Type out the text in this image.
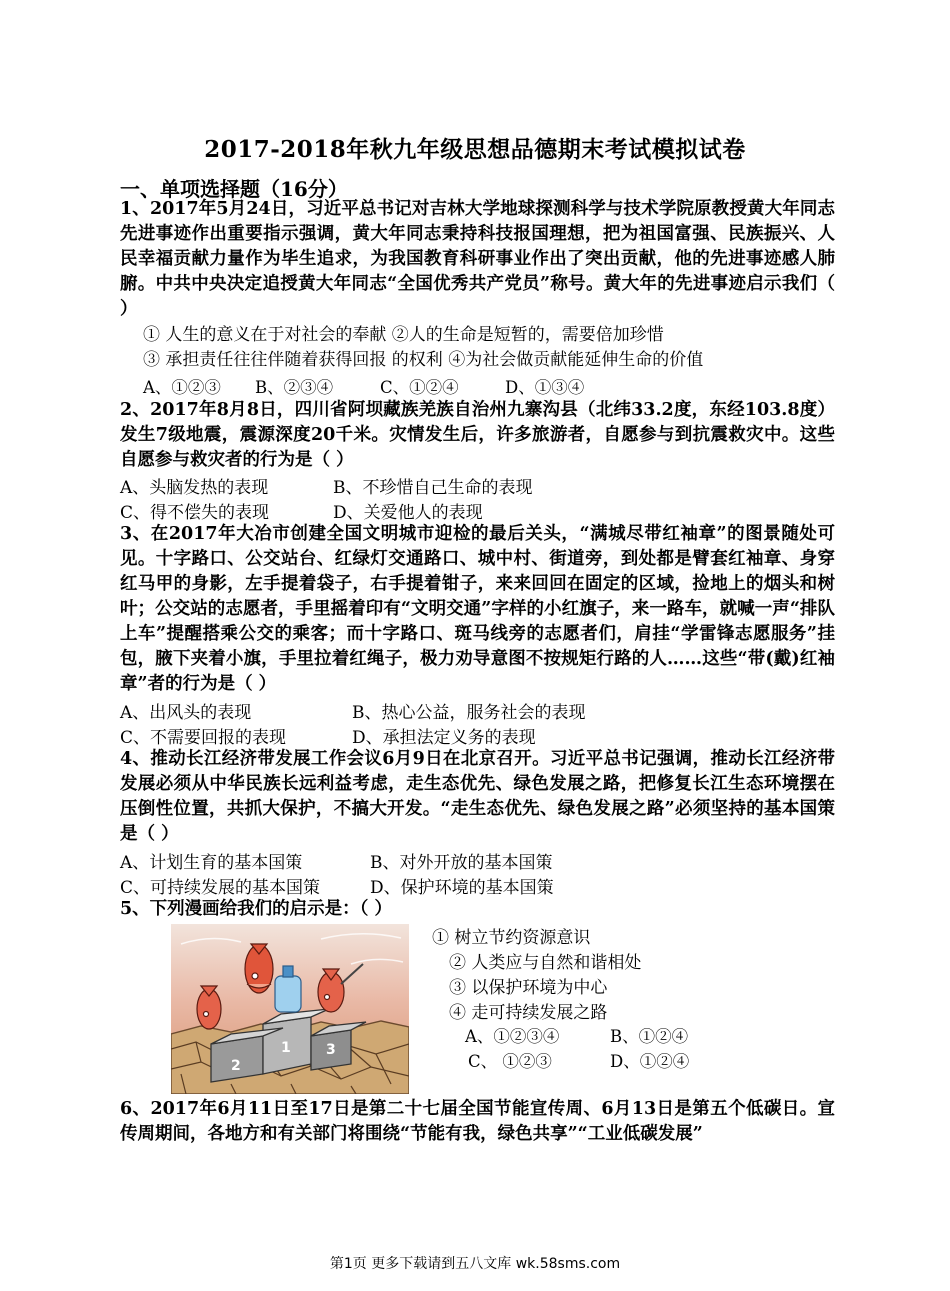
2017-2018年秋九年级思想品德期末考试模拟试卷
一、单项选择题（16分）
1、2017年5月24日，习近平总书记对吉林大学地球探测科学与技术学院原教授黄大年同志先进事迹作出重要指示强调，黄大年同志秉持科技报国理想，把为祖国富强、民族振兴、人民幸福贡献力量作为毕生追求，为我国教育科研事业作出了突出贡献，他的先进事迹感人肺腑。中共中央决定追授黄大年同志“全国优秀共产党员”称号。黄大年的先进事迹启示我们（ ）
① 人生的意义在于对社会的奉献 ②人的生命是短暂的，需要倍加珍惜
③ 承担责任往往伴随着获得回报 的权利 ④为社会做贡献能延伸生命的价值
A、①②③ B、②③④	C、①②④	D、①③④
2、2017年8月8日，四川省阿坝藏族羌族自治州九寨沟县（北纬33.2度，东经103.8度）发生7级地震，震源深度20千米。灾情发生后，许多旅游者，自愿参与到抗震救灾中。这些自愿参与救灾者的行为是（ ）
A、头脑发热的表现	B、不珍惜自己生命的表现
C、得不偿失的表现	D、关爱他人的表现
3、在2017年大冶市创建全国文明城市迎检的最后关头，“满城尽带红袖章”的图景随处可见。十字路口、公交站台、红绿灯交通路口、城中村、街道旁，到处都是臂套红袖章、身穿红马甲的身影，左手提着袋子，右手提着钳子，来来回回在固定的区域，捡地上的烟头和树叶；公交站的志愿者，手里摇着印有“文明交通”字样的小红旗子，来一路车，就喊一声“排队上车”提醒搭乘公交的乘客；而十字路口、斑马线旁的志愿者们，肩挂“学雷锋志愿服务”挂包，腋下夹着小旗，手里拉着红绳子，极力劝导意图不按规矩行路的人……这些“带(戴)红袖章”者的行为是（ ）
A、出风头的表现	B、热心公益，服务社会的表现
C、不需要回报的表现	D、承担法定义务的表现
4、推动长江经济带发展工作会议6月9日在北京召开。习近平总书记强调，推动长江经济带发展必须从中华民族长远利益考虑，走生态优先、绿色发展之路，把修复长江生态环境摆在压倒性位置，共抓大保护，不搞大开发。“走生态优先、绿色发展之路”必须坚持的基本国策是（ ）
A、计划生育的基本国策	B、对外开放的基本国策
C、可持续发展的基本国策	D、保护环境的基本国策
5、下列漫画给我们的启示是：（ ）
2
1	3
① 树立节约资源意识
② 人类应与自然和谐相处
③ 以保护环境为中心
④ 走可持续发展之路
A、①②③④	B、①②④
C、 ①②③	D、①②④
6、2017年6月11日至17日是第二十七届全国节能宣传周、6月13日是第五个低碳日。宣传周期间，各地方和有关部门将围绕“节能有我，绿色共享”“工业低碳发展”
第1页 更多下载请到五八文库 wk.58sms.com
